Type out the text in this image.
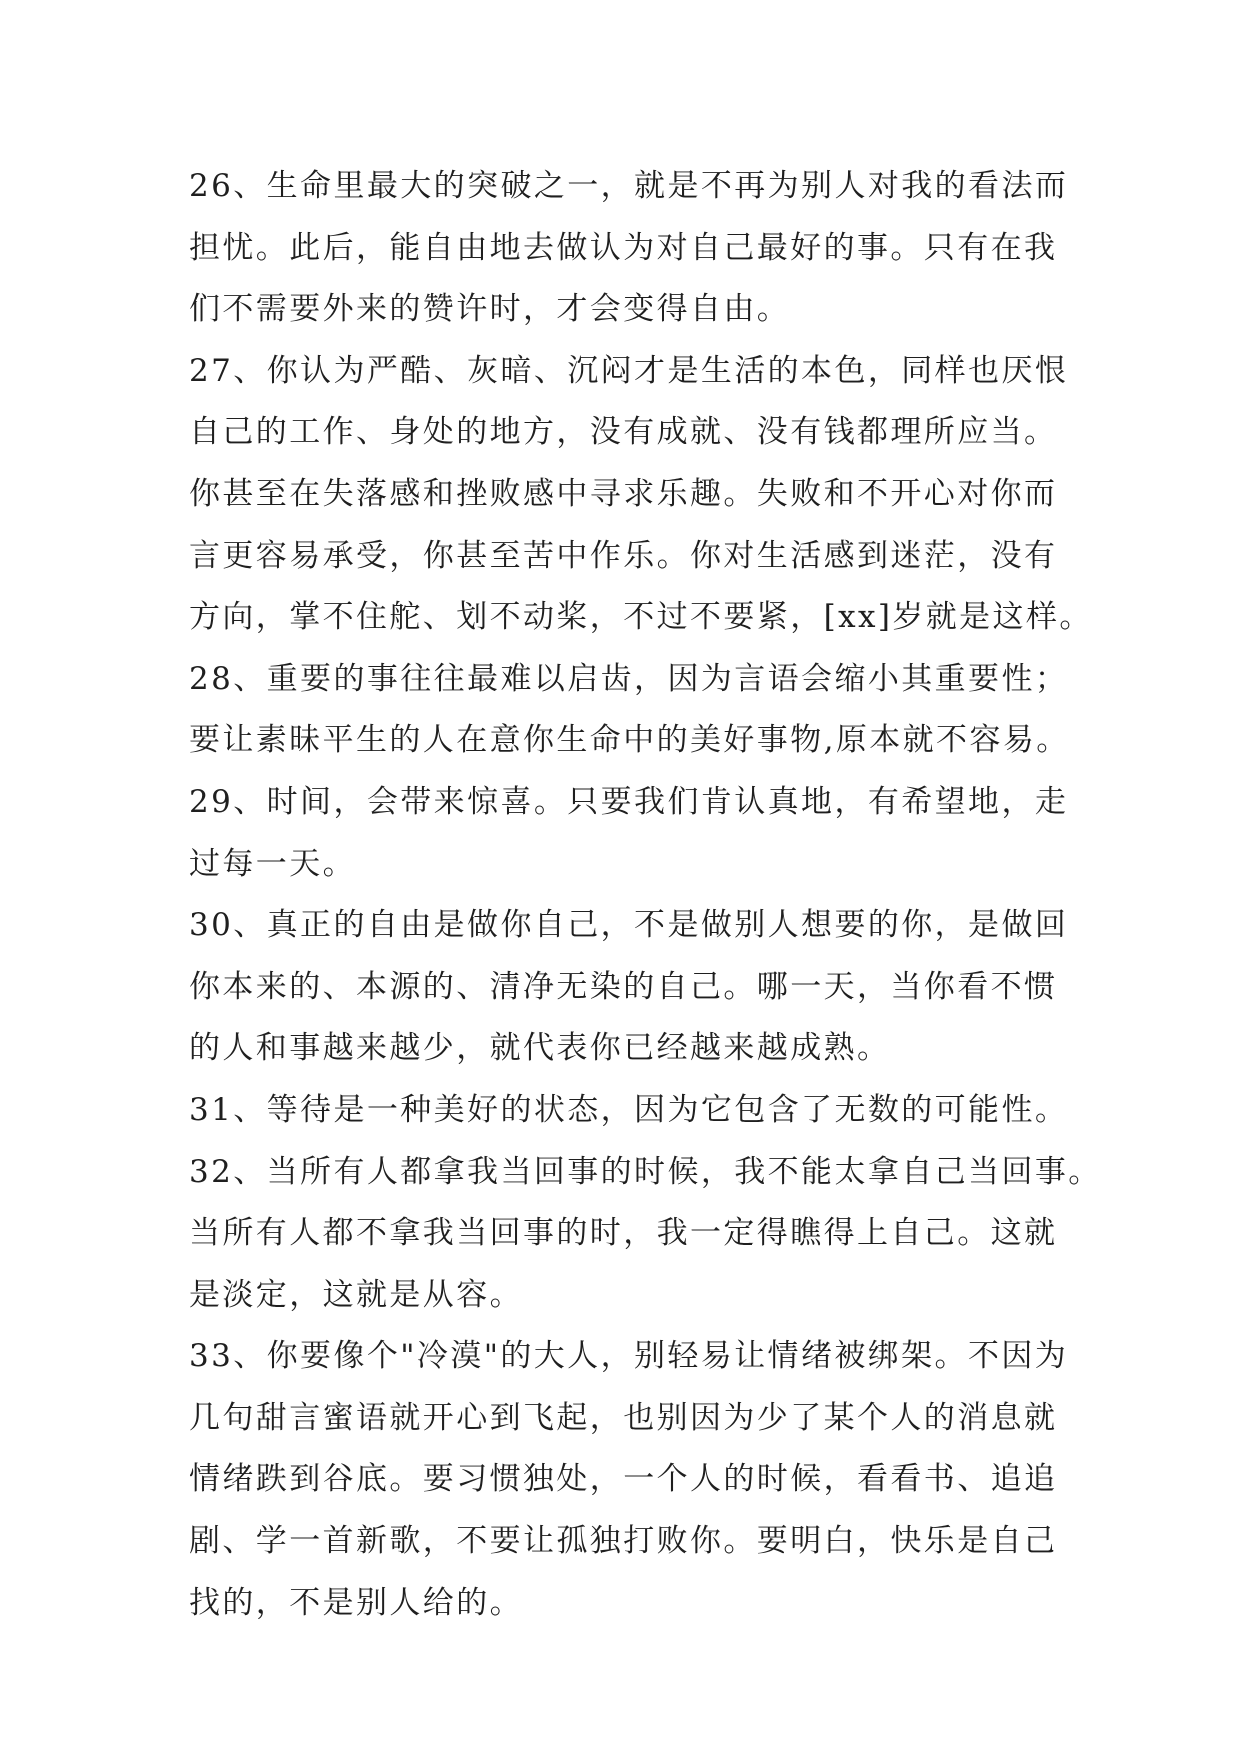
26、生命里最大的突破之一，就是不再为别人对我的看法而
担忧。此后，能自由地去做认为对自己最好的事。只有在我
们不需要外来的赞许时，才会变得自由。
27、你认为严酷、灰暗、沉闷才是生活的本色，同样也厌恨
自己的工作、身处的地方，没有成就、没有钱都理所应当。
你甚至在失落感和挫败感中寻求乐趣。失败和不开心对你而
言更容易承受，你甚至苦中作乐。你对生活感到迷茫，没有
方向，掌不住舵、划不动桨，不过不要紧，[xx]岁就是这样。
28、重要的事往往最难以启齿，因为言语会缩小其重要性；
要让素昧平生的人在意你生命中的美好事物,原本就不容易。
29、时间，会带来惊喜。只要我们肯认真地，有希望地，走
过每一天。
30、真正的自由是做你自己，不是做别人想要的你，是做回
你本来的、本源的、清净无染的自己。哪一天，当你看不惯
的人和事越来越少，就代表你已经越来越成熟。
31、等待是一种美好的状态，因为它包含了无数的可能性。
32、当所有人都拿我当回事的时候，我不能太拿自己当回事。
当所有人都不拿我当回事的时，我一定得瞧得上自己。这就
是淡定，这就是从容。
33、你要像个"冷漠"的大人，别轻易让情绪被绑架。不因为
几句甜言蜜语就开心到飞起，也别因为少了某个人的消息就
情绪跌到谷底。要习惯独处，一个人的时候，看看书、追追
剧、学一首新歌，不要让孤独打败你。要明白，快乐是自己
找的，不是别人给的。
